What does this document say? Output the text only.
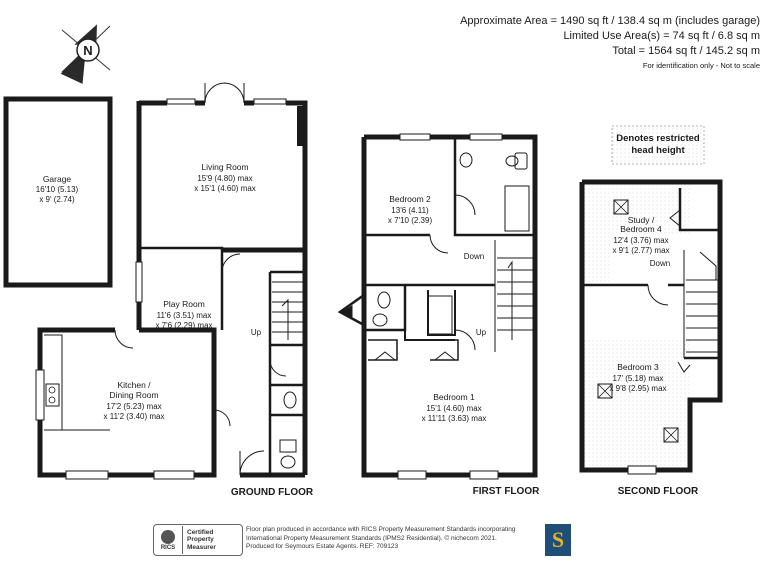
N
Garage
16'10 (5.13)
x 9' (2.74)
Living Room
15'9 (4.80) max
x 15'1 (4.60) max
Play Room
11'6 (3.51) max
x 7'6 (2.29) max
Kitchen /
Dining Room
17'2 (5.23) max
x 11'2 (3.40) max
Bedroom 2
13'6 (4.11)
x 7'10 (2.39)
Bedroom 1
15'1 (4.60) max
x 11'11 (3.63) max
Study /
Bedroom 4
12'4 (3.76) max
x 9'1 (2.77) max
Bedroom 3
17' (5.18) max
x 9'8 (2.95) max
Up
Down
Up
Down
Denotes restricted
head height
GROUND FLOOR	FIRST FLOOR	SECOND FLOOR
Approximate Area = 1490 sq ft / 138.4 sq m (includes garage)
Limited Use Area(s) = 74 sq ft / 6.8 sq m
Total = 1564 sq ft / 145.2 sq m
For identification only - Not to scale
RICS
Certified
Property
Measurer
Floor plan produced in accordance with RICS Property Measurement Standards incorporating
International Property Measurement Standards (IPMS2 Residential). © nichecom 2021.
Produced for Seymours Estate Agents. REF: 709123	S
